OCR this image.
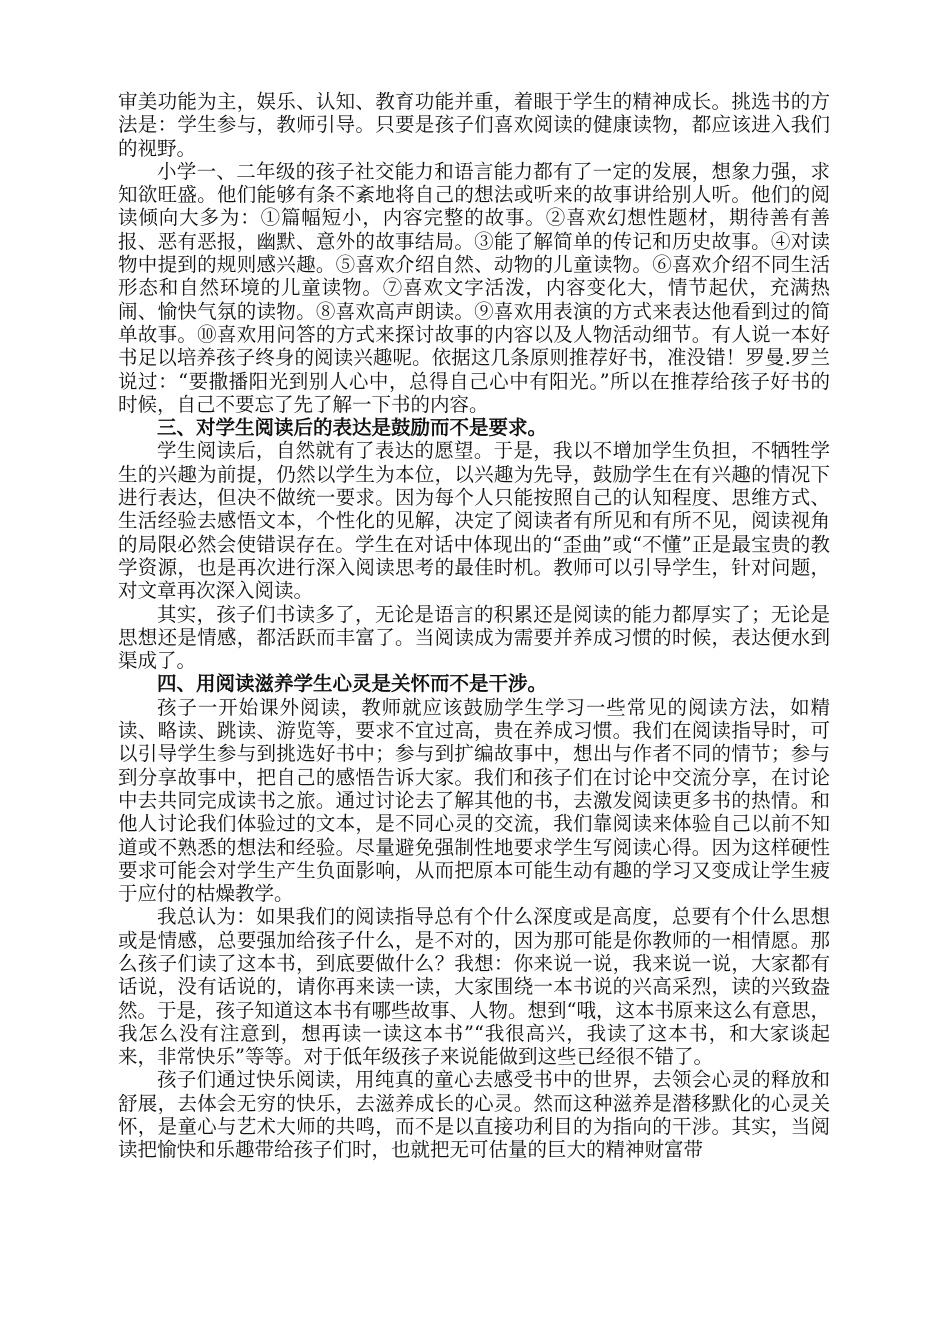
审美功能为主，娱乐、认知、教育功能并重，着眼于学生的精神成长。挑选书的方法是：学生参与，教师引导。只要是孩子们喜欢阅读的健康读物，都应该进入我们的视野。

小学一、二年级的孩子社交能力和语言能力都有了一定的发展，想象力强，求知欲旺盛。他们能够有条不紊地将自己的想法或听来的故事讲给别人听。他们的阅读倾向大多为：①篇幅短小，内容完整的故事。②喜欢幻想性题材，期待善有善报、恶有恶报，幽默、意外的故事结局。③能了解简单的传记和历史故事。④对读物中提到的规则感兴趣。⑤喜欢介绍自然、动物的儿童读物。⑥喜欢介绍不同生活形态和自然环境的儿童读物。⑦喜欢文字活泼，内容变化大，情节起伏，充满热闹、愉快气氛的读物。⑧喜欢高声朗读。⑨喜欢用表演的方式来表达他看到过的简单故事。⑩喜欢用问答的方式来探讨故事的内容以及人物活动细节。有人说一本好书足以培养孩子终身的阅读兴趣呢。依据这几条原则推荐好书，准没错！罗曼.罗兰说过：“要撒播阳光到别人心中，总得自己心中有阳光。”所以在推荐给孩子好书的时候，自己不要忘了先了解一下书的内容。

三、对学生阅读后的表达是鼓励而不是要求。

学生阅读后，自然就有了表达的愿望。于是，我以不增加学生负担，不牺牲学生的兴趣为前提，仍然以学生为本位，以兴趣为先导，鼓励学生在有兴趣的情况下进行表达，但决不做统一要求。因为每个人只能按照自己的认知程度、思维方式、生活经验去感悟文本，个性化的见解，决定了阅读者有所见和有所不见，阅读视角的局限必然会使错误存在。学生在对话中体现出的“歪曲”或“不懂”正是最宝贵的教学资源，也是再次进行深入阅读思考的最佳时机。教师可以引导学生，针对问题，对文章再次深入阅读。

其实，孩子们书读多了，无论是语言的积累还是阅读的能力都厚实了；无论是思想还是情感，都活跃而丰富了。当阅读成为需要并养成习惯的时候，表达便水到渠成了。

四、用阅读滋养学生心灵是关怀而不是干涉。

孩子一开始课外阅读，教师就应该鼓励学生学习一些常见的阅读方法，如精读、略读、跳读、游览等，要求不宜过高，贵在养成习惯。我们在阅读指导时，可以引导学生参与到挑选好书中；参与到扩编故事中，想出与作者不同的情节；参与到分享故事中，把自己的感悟告诉大家。我们和孩子们在讨论中交流分享，在讨论中去共同完成读书之旅。通过讨论去了解其他的书，去激发阅读更多书的热情。和他人讨论我们体验过的文本，是不同心灵的交流，我们靠阅读来体验自己以前不知道或不熟悉的想法和经验。尽量避免强制性地要求学生写阅读心得。因为这样硬性要求可能会对学生产生负面影响，从而把原本可能生动有趣的学习又变成让学生疲于应付的枯燥教学。

我总认为：如果我们的阅读指导总有个什么深度或是高度，总要有个什么思想或是情感，总要强加给孩子什么，是不对的，因为那可能是你教师的一相情愿。那么孩子们读了这本书，到底要做什么？我想：你来说一说，我来说一说，大家都有话说，没有话说的，请你再来读一读，大家围绕一本书说的兴高采烈，读的兴致盎然。于是，孩子知道这本书有哪些故事、人物。想到“哦，这本书原来这么有意思，我怎么没有注意到，想再读一读这本书”“我很高兴，我读了这本书，和大家谈起来，非常快乐”等等。对于低年级孩子来说能做到这些已经很不错了。

孩子们通过快乐阅读，用纯真的童心去感受书中的世界，去领会心灵的释放和舒展，去体会无穷的快乐，去滋养成长的心灵。然而这种滋养是潜移默化的心灵关怀，是童心与艺术大师的共鸣，而不是以直接功利目的为指向的干涉。其实，当阅读把愉快和乐趣带给孩子们时，也就把无可估量的巨大的精神财富带
